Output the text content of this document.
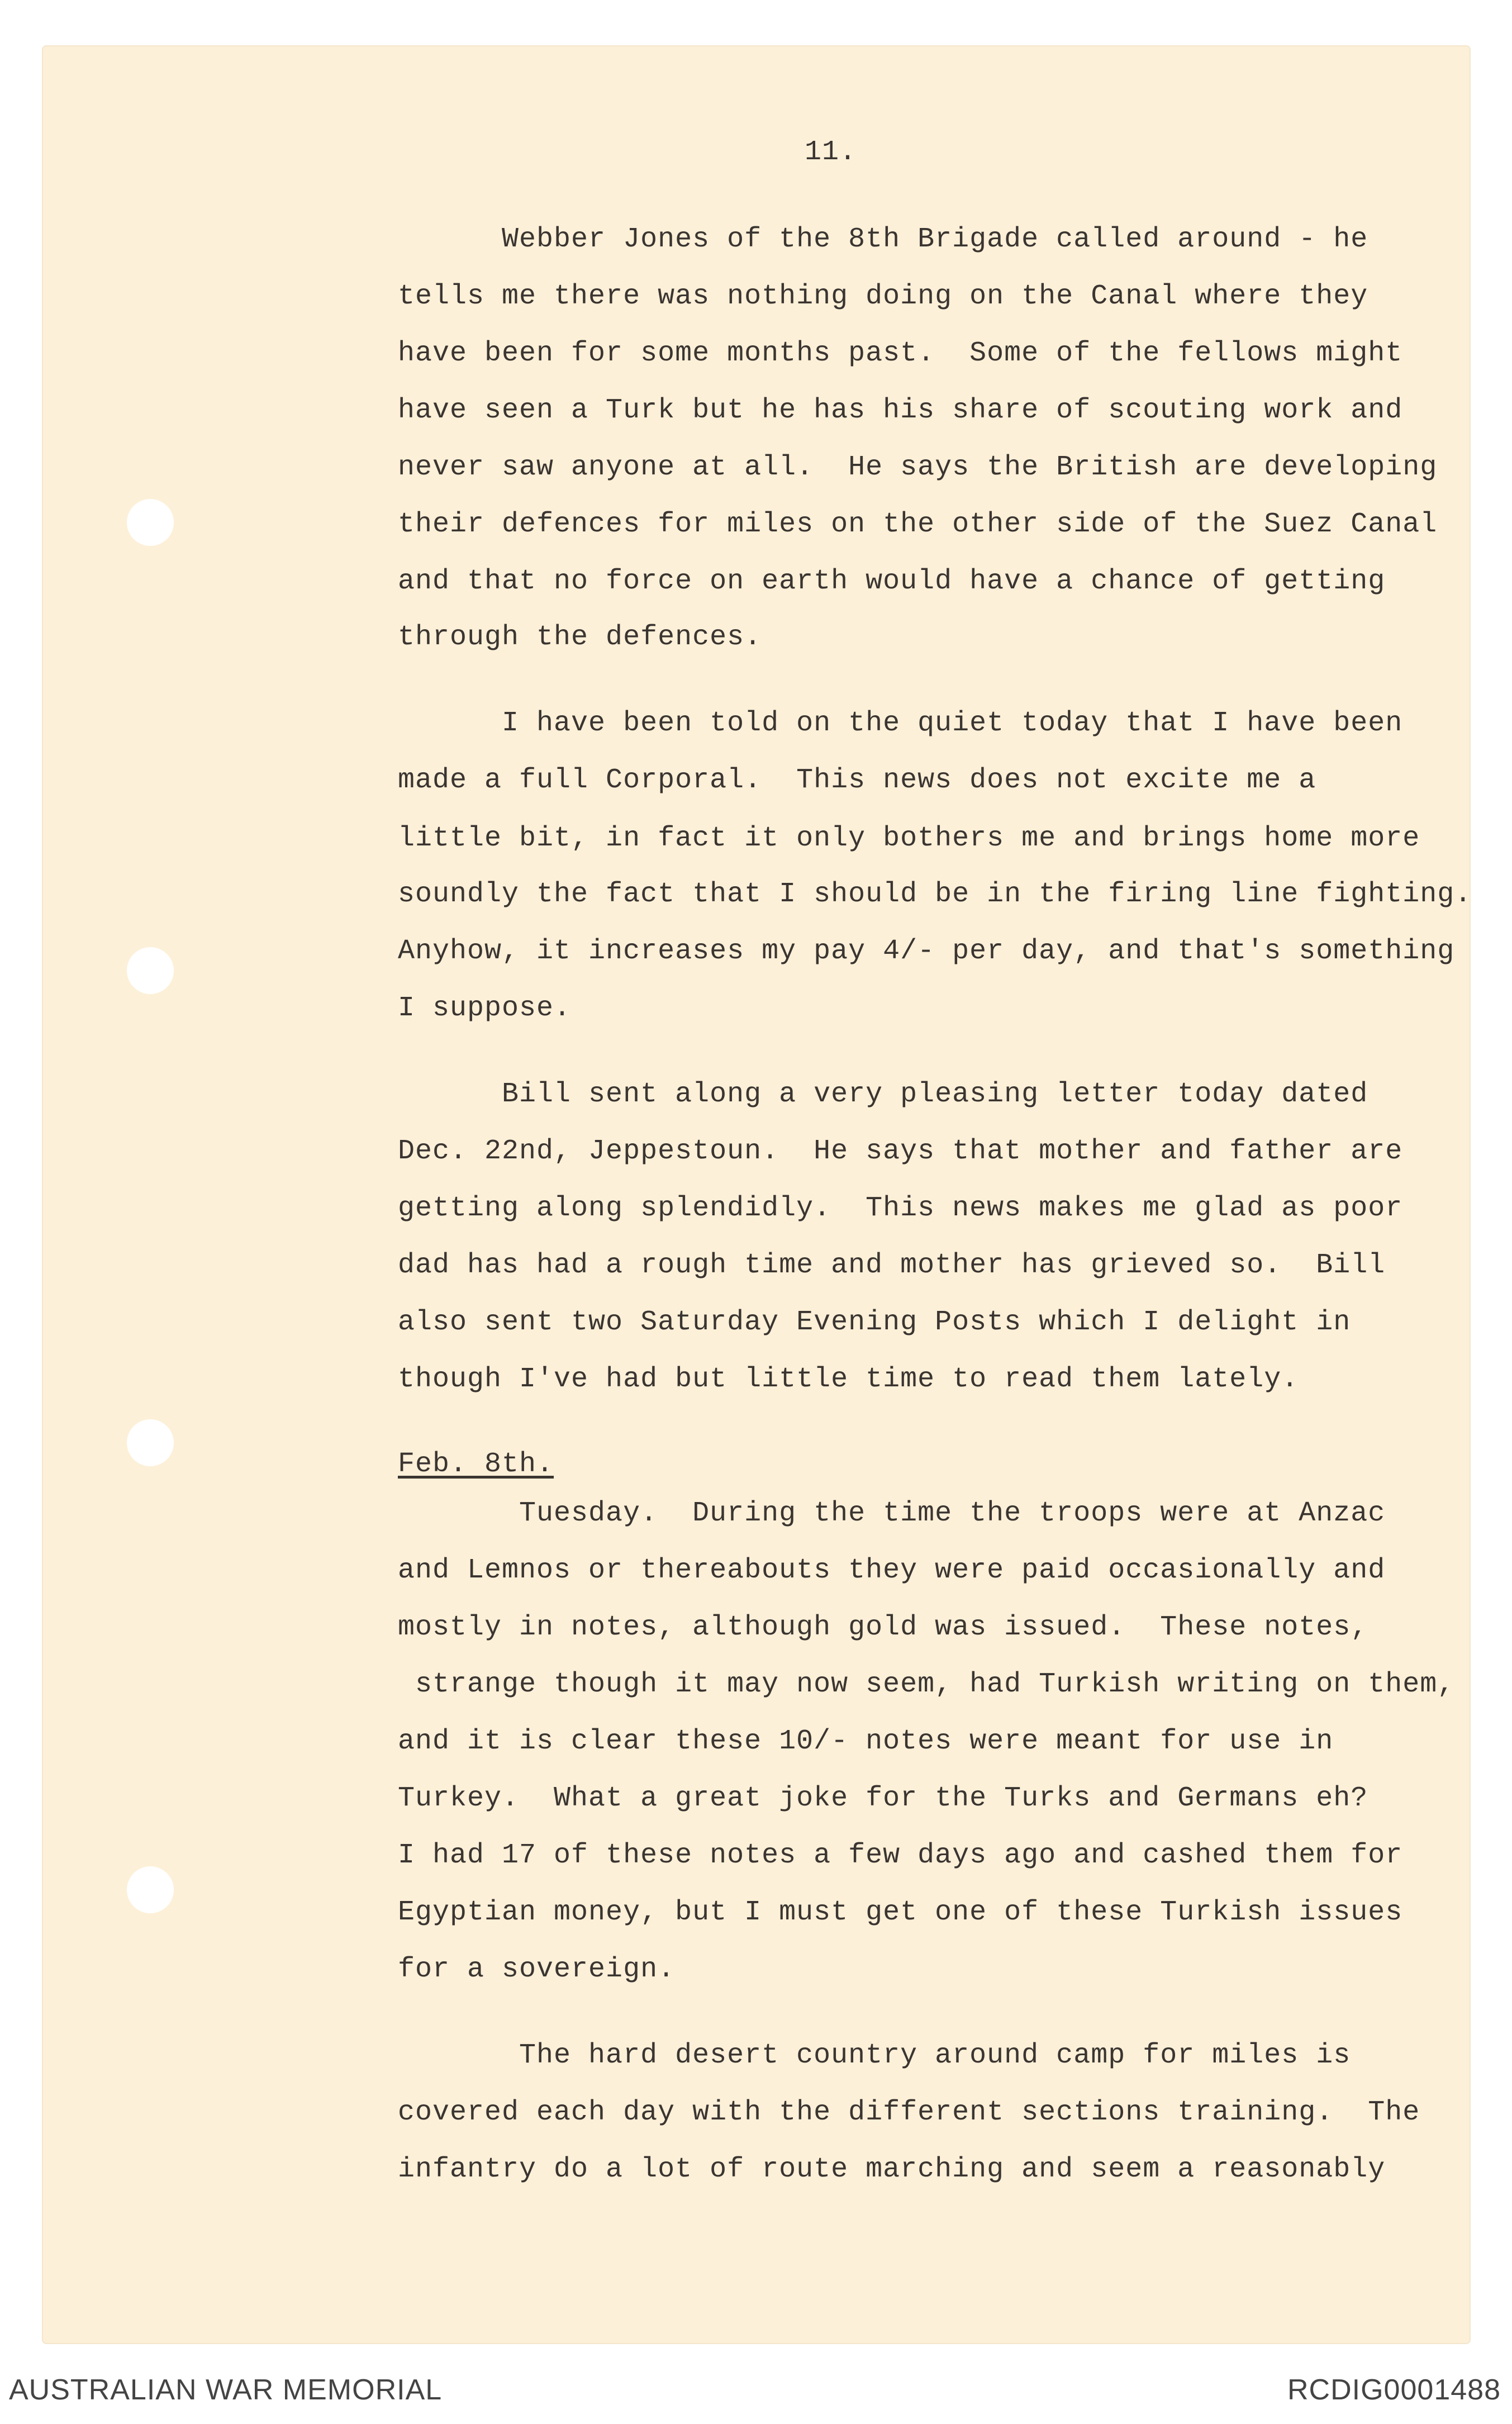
11.
Webber Jones of the 8th Brigade called around - he
tells me there was nothing doing on the Canal where they
have been for some months past.  Some of the fellows might
have seen a Turk but he has his share of scouting work and
never saw anyone at all.  He says the British are developing
their defences for miles on the other side of the Suez Canal
and that no force on earth would have a chance of getting
through the defences.
I have been told on the quiet today that I have been
made a full Corporal.  This news does not excite me a
little bit, in fact it only bothers me and brings home more
soundly the fact that I should be in the firing line fighting.
Anyhow, it increases my pay 4/- per day, and that's something
I suppose.
Bill sent along a very pleasing letter today dated
Dec. 22nd, Jeppestoun.  He says that mother and father are
getting along splendidly.  This news makes me glad as poor
dad has had a rough time and mother has grieved so.  Bill
also sent two Saturday Evening Posts which I delight in
though I've had but little time to read them lately.
Feb. 8th.
Tuesday.  During the time the troops were at Anzac
and Lemnos or thereabouts they were paid occasionally and
mostly in notes, although gold was issued.  These notes,
strange though it may now seem, had Turkish writing on them,
and it is clear these 10/- notes were meant for use in
Turkey.  What a great joke for the Turks and Germans eh?
I had 17 of these notes a few days ago and cashed them for
Egyptian money, but I must get one of these Turkish issues
for a sovereign.
The hard desert country around camp for miles is
covered each day with the different sections training.  The
infantry do a lot of route marching and seem a reasonably
AUSTRALIAN WAR MEMORIAL	RCDIG0001488
